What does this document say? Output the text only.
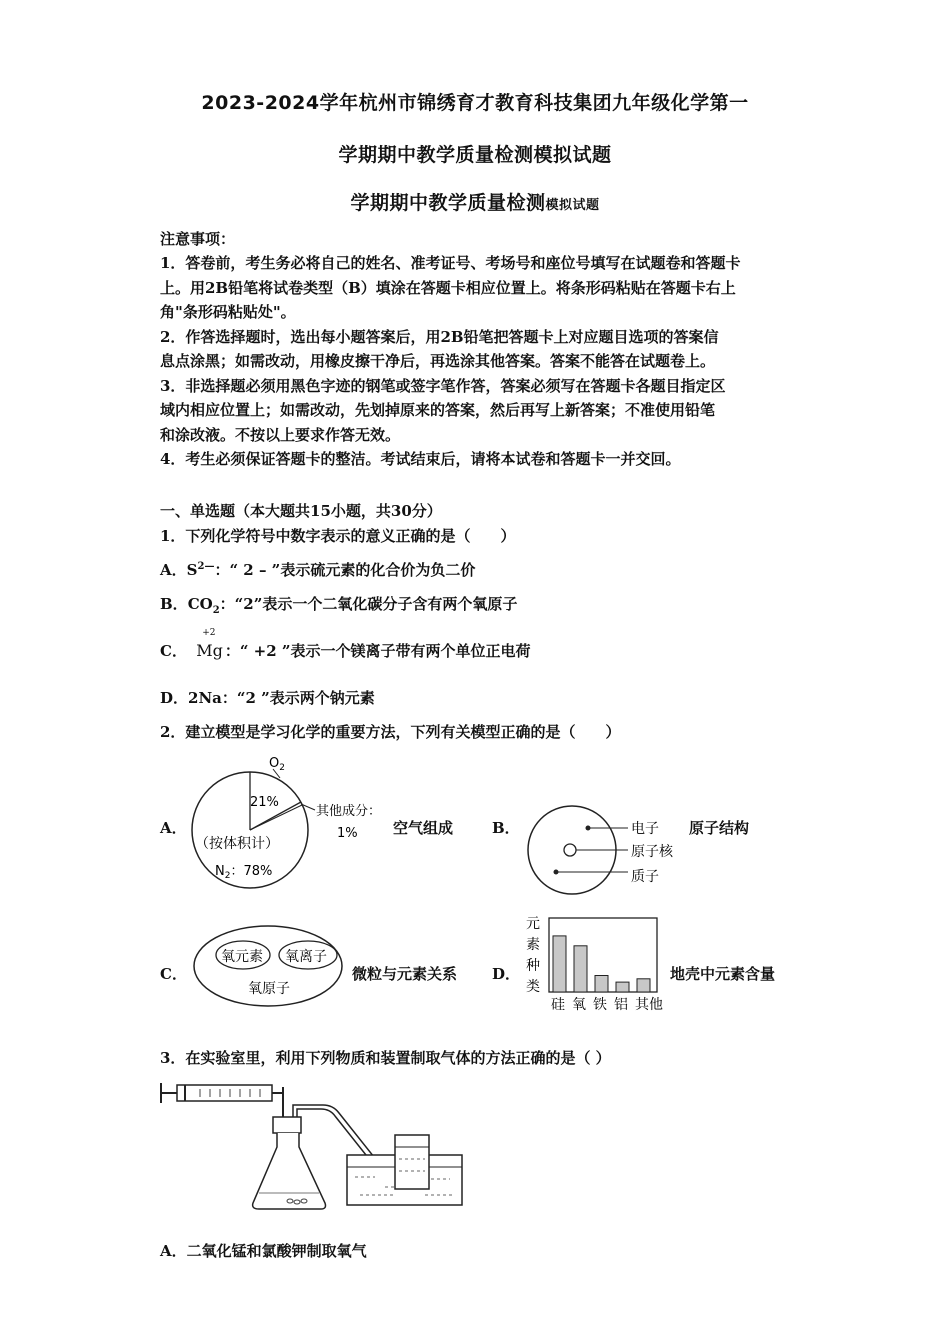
2023-2024学年杭州市锦绣育才教育科技集团九年级化学第一
学期期中教学质量检测模拟试题
学期期中教学质量检测模拟试题
注意事项：
1．答卷前，考生务必将自己的姓名、准考证号、考场号和座位号填写在试题卷和答题卡
上。用2B铅笔将试卷类型（B）填涂在答题卡相应位置上。将条形码粘贴在答题卡右上
角"条形码粘贴处"。
2．作答选择题时，选出每小题答案后，用2B铅笔把答题卡上对应题目选项的答案信
息点涂黑；如需改动，用橡皮擦干净后，再选涂其他答案。答案不能答在试题卷上。
3．非选择题必须用黑色字迹的钢笔或签字笔作答，答案必须写在答题卡各题目指定区
域内相应位置上；如需改动，先划掉原来的答案，然后再写上新答案；不准使用铅笔
和涂改液。不按以上要求作答无效。
4．考生必须保证答题卡的整洁。考试结束后，请将本试卷和答题卡一并交回。
一、单选题（本大题共15小题，共30分）
1．下列化学符号中数字表示的意义正确的是（　　）
A．$S^{2—}$：“ 2 – ”表示硫元素的化合价为负二价
B．$CO_2$：“2”表示一个二氧化碳分子含有两个氧原子
C．
+2
Mg ：“ +2 ”表示一个镁离子带有两个单位正电荷
D．2Na：“2 ”表示两个钠元素
2．建立模型是学习化学的重要方法，下列有关模型正确的是（　　）
A．
$O_2$
21%
其他成分：
1%
（按体积计）
$N_2$：78%
空气组成	B．	电子
原子核
质子
原子结构
C．
氧元素 氧离子
氧原子
微粒与元素关系 D．
元
素
种
类
硅 氧 铁 铝 其他
地壳中元素含量
3．在实验室里，利用下列物质和装置制取气体的方法正确的是（ ）
A．二氧化锰和氯酸钾制取氧气
